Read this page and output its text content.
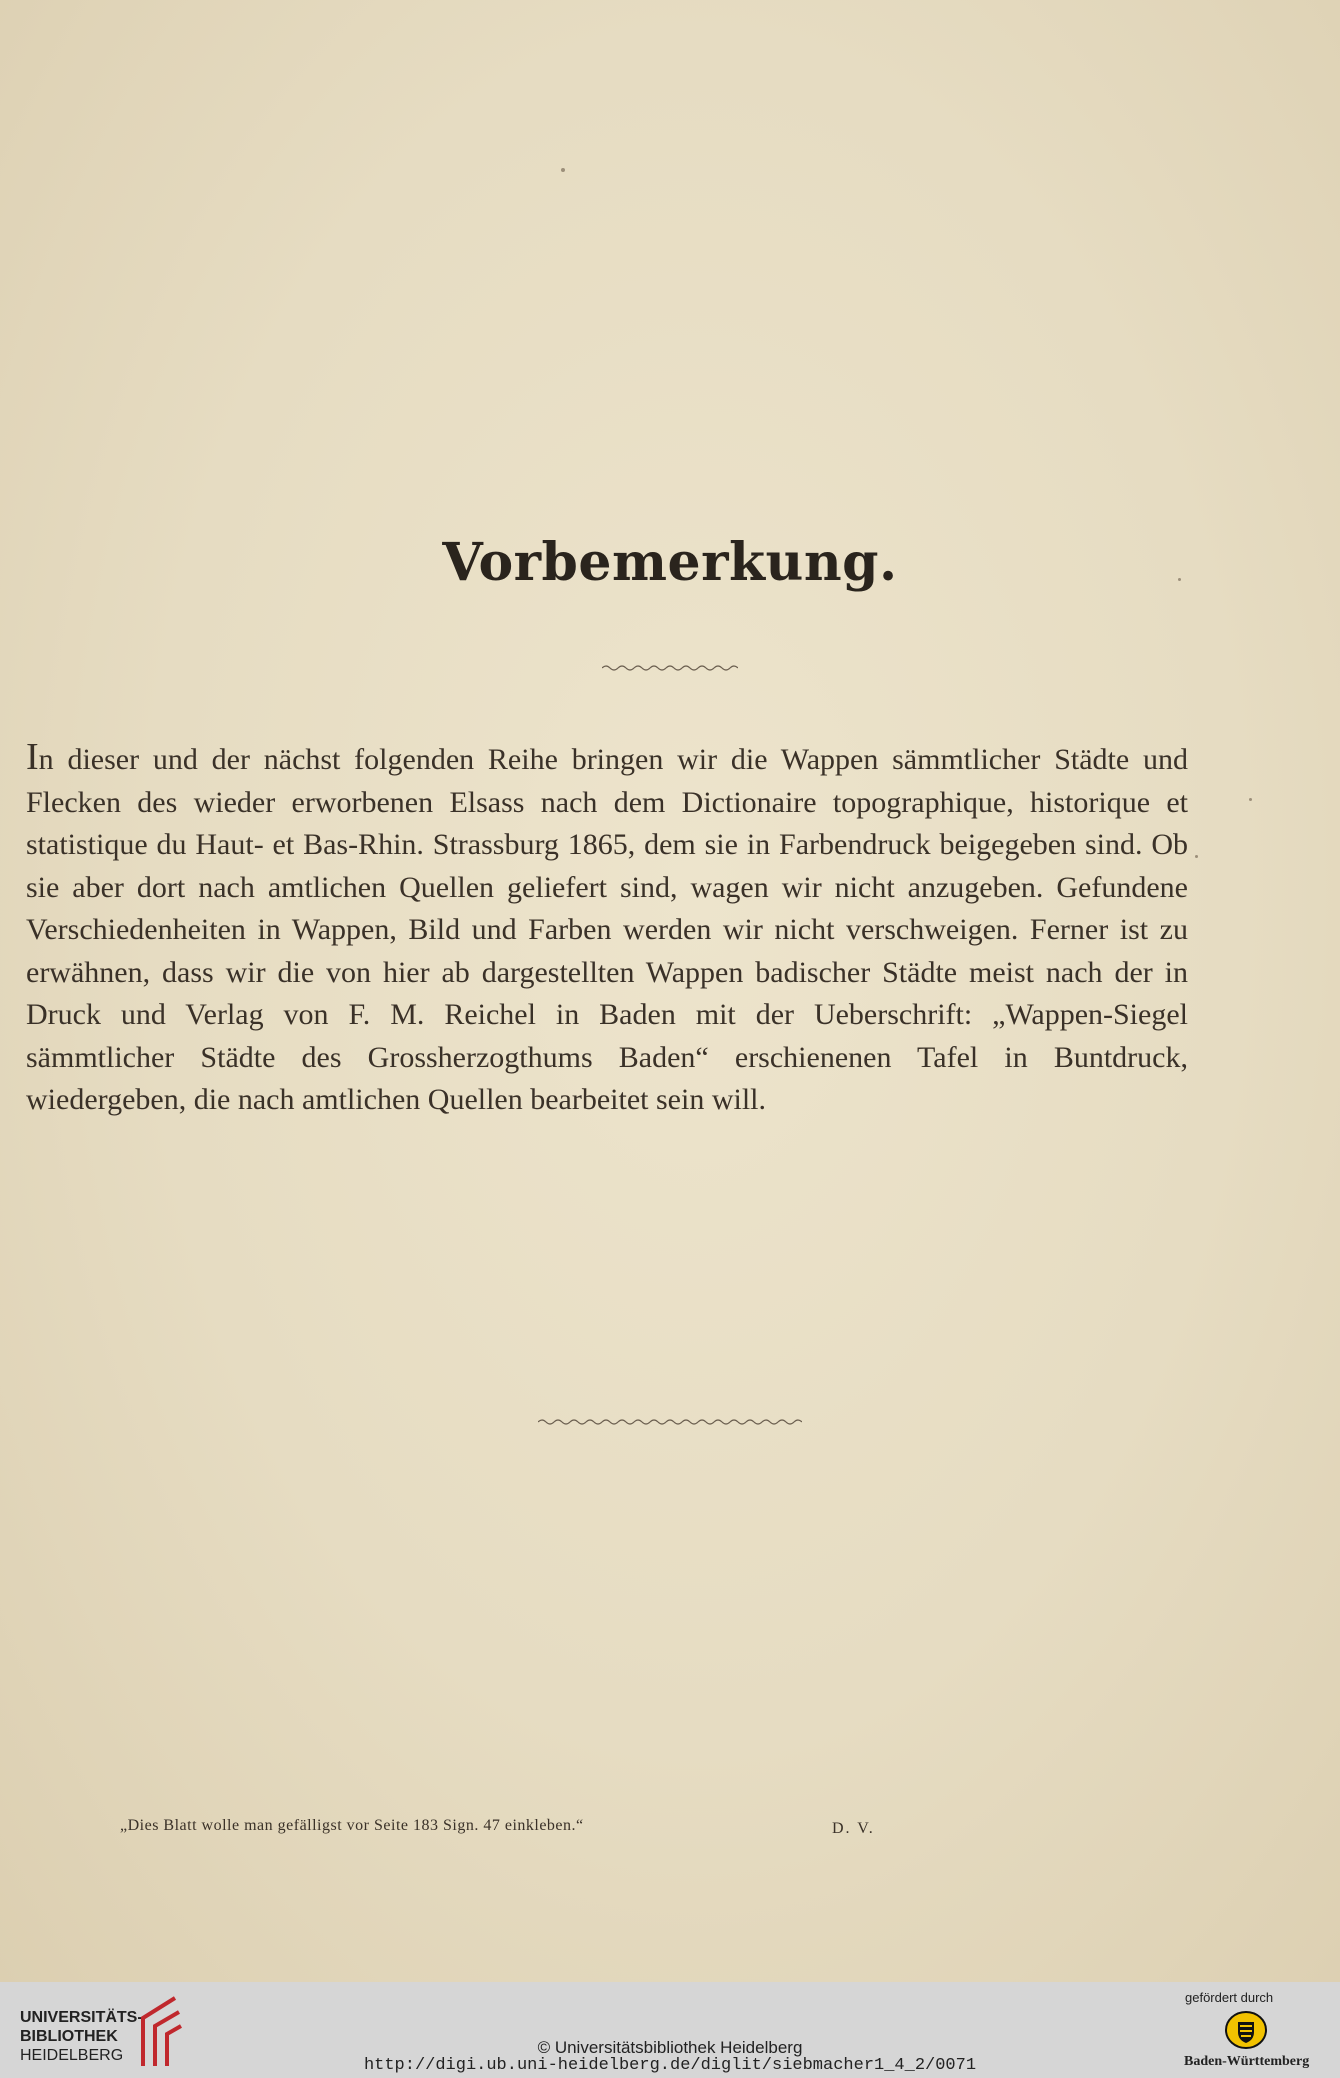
Vorbemerkung.

In dieser und der nächst folgenden Reihe bringen wir die Wappen sämmtlicher Städte und Flecken des wieder erworbenen Elsass nach dem Dictionaire topographique, historique et statistique du Haut- et Bas-Rhin. Strassburg 1865, dem sie in Farbendruck beigegeben sind. Ob sie aber dort nach amtlichen Quellen geliefert sind, wagen wir nicht anzugeben. Gefundene Verschiedenheiten in Wappen, Bild und Farben werden wir nicht verschweigen. Ferner ist zu erwähnen, dass wir die von hier ab dargestellten Wappen badischer Städte meist nach der in Druck und Verlag von F. M. Reichel in Baden mit der Ueberschrift: „Wappen-Siegel sämmtlicher Städte des Grossherzogthums Baden“ erschienenen Tafel in Buntdruck, wiedergeben, die nach amtlichen Quellen bearbeitet sein will.

„Dies Blatt wolle man gefälligst vor Seite 183 Sign. 47 einkleben.“	D. V.
UNIVERSITÄTS-
BIBLIOTHEK
HEIDELBERG	© Universitätsbibliothek Heidelberg
http://digi.ub.uni-heidelberg.de/diglit/siebmacher1_4_2/0071
gefördert durch
Baden-Württemberg
